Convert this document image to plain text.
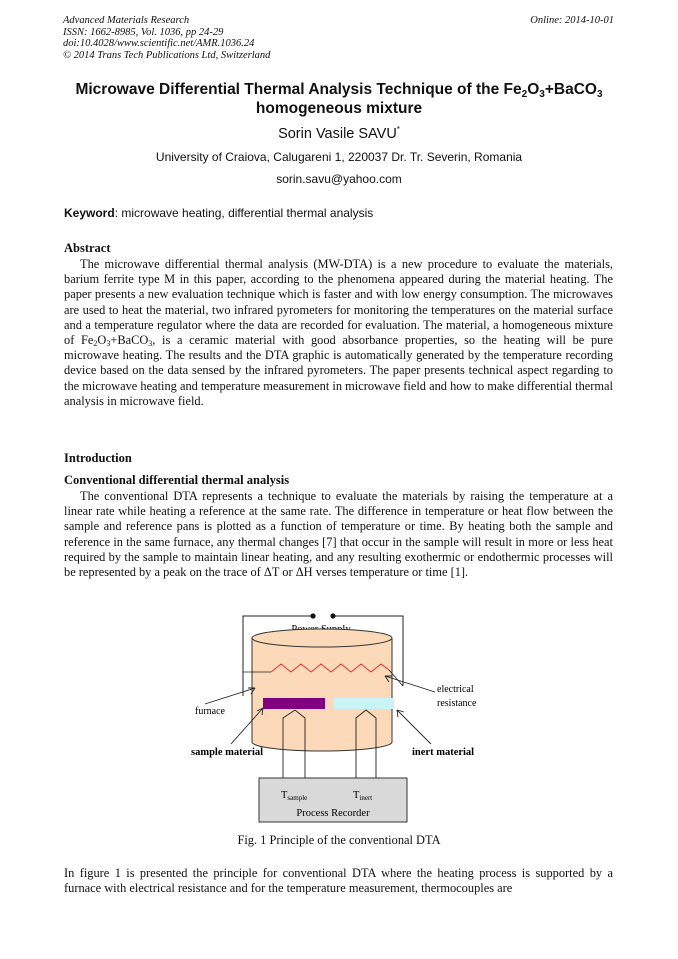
Advanced Materials Research
ISSN: 1662-8985, Vol. 1036, pp 24-29
doi:10.4028/www.scientific.net/AMR.1036.24
© 2014 Trans Tech Publications Ltd, Switzerland
Online: 2014-10-01
Microwave Differential Thermal Analysis Technique of the $Fe_2O_3+BaCO_3$
homogeneous mixture
Sorin Vasile SAVU*
University of Craiova, Calugareni 1, 220037 Dr. Tr. Severin, Romania
sorin.savu@yahoo.com
Keyword: microwave heating, differential thermal analysis
Abstract
The microwave differential thermal analysis (MW-DTA) is a new procedure to evaluate the materials, barium ferrite type M in this paper, according to the phenomena appeared during the material heating. The paper presents a new evaluation technique which is faster and with low energy consumption. The microwaves are used to heat the material, two infrared pyrometers for monitoring the temperatures on the material surface and a temperature regulator where the data are recorded for evaluation. The material, a homogeneous mixture of $Fe_2O_3+BaCO_3$, is a ceramic material with good absorbance properties, so the heating will be pure microwave heating. The results and the DTA graphic is automatically generated by the temperature recording device based on the data sensed by the infrared pyrometers. The paper presents technical aspect regarding to the microwave heating and temperature measurement in microwave field and how to make differential thermal analysis in microwave field.
Introduction
Conventional differential thermal analysis
The conventional DTA represents a technique to evaluate the materials by raising the temperature at a linear rate while heating a reference at the same rate. The difference in temperature or heat flow between the sample and reference pans is plotted as a function of temperature or time. By heating both the sample and reference in the same furnace, any thermal changes [7] that occur in the sample will result in more or less heat required by the sample to maintain linear heating, and any resulting exothermic or endothermic processes will be represented by a peak on the trace of ΔT or ΔH verses temperature or time [1].
Tsample	Tinert
Process Recorder
electrical
resistance
furnace
sample material	inert material
Fig. 1 Principle of the conventional DTA
In figure 1 is presented the principle for conventional DTA where the heating process is supported by a furnace with electrical resistance and for the temperature measurement, thermocouples are
